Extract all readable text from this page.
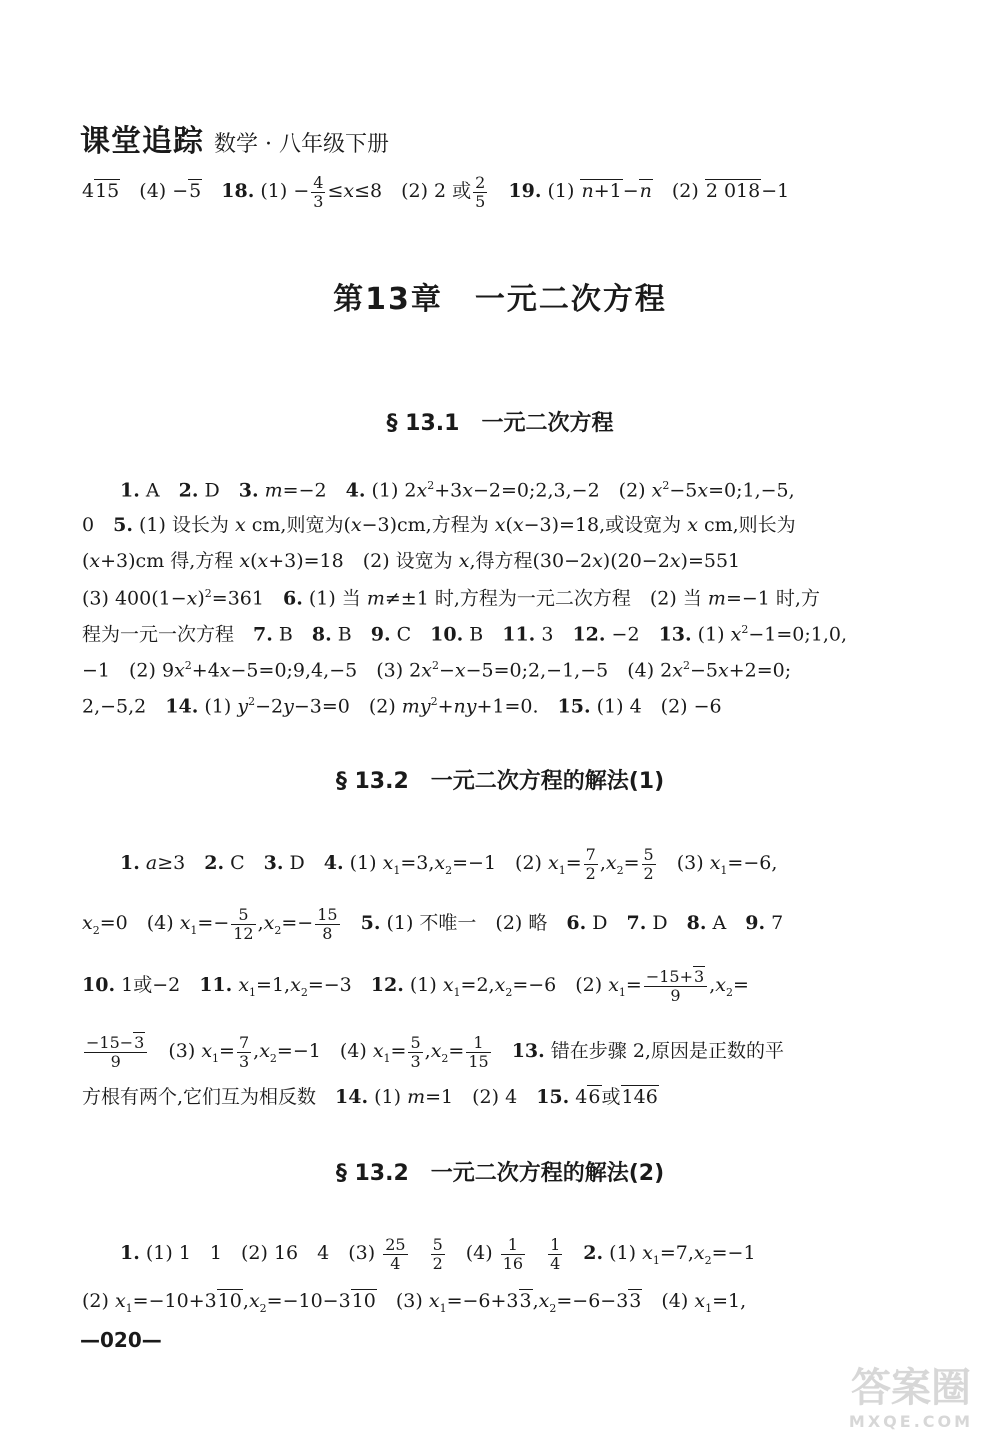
课堂追踪 数学 · 八年级下册
415　(4) −5　 18. $(1) - \frac{4}{3} \le x\le 8$　(2) 2 或 $\frac{2}{5}$
　 19. (1) n+1−n　(2) 2 018−1
第13章　一元二次方程
§ 13.1　一元二次方程
1. A　2. D　3. m=−2　4. (1) $2x^2+3x-2=0;2,3,-2$　(2) $x^2-5x=0;1,-5$,
0　5. (1) 设长为 x cm,则宽为(x−3)cm,方程为 x(x−3)=18,或设宽为 x cm,则长为
(x+3)cm 得,方程 x(x+3)=18　(2) 设宽为 x,得方程(30−2x)(20−2x)=551
(3) $400(1-x)^2=361$　6. (1) 当 m≠±1 时,方程为一元二次方程　(2) 当 m=−1 时,方
程为一元一次方程　7. B　8. B　9. C　10. B　11. 3　12. −2　13. (1) $x^2-1=0;1,0$,
−1　(2) $9x^2+4x-5=0;9,4,-5$　(3) $2x^2-x-5=0;2,-1,-5$　(4) $2x^2-5x+2=0$;
2,−5,2　14. (1) $y^2-2y-3=0$　(2) $my^2+ny+1=0$.　15. (1) 4　(2) −6
§ 13.2　一元二次方程的解法(1)
1. a≥3　2. C　3. D　4. (1) $x_1=3,x_2=-1$　(2) $x_1= \frac{7}{2} ,x_2= \frac{5}{2}$ 　(3) $x_1=-6$,
$x_2=0$　(4) $x_1=- \frac{5}{12} ,x_2=- \frac{15}{8}$
　 5. (1) 不唯一　(2) 略　6. D　7. D　8. A　9. 7
10. 1或−2　11. $x_1=1,x_2=-3$　12. (1) $x_1=2,x_2=-6$　(2) $x_1= \frac{-15+3}{9} ,x_2=$
$\frac{-15-3}{9}$ 　(3) $x_1= \frac{7}{3} ,x_2=-1$　(4) $x_1= \frac{5}{3} ,x_2= \frac{1}{15}$
　 13. 错在步骤 2,原因是正数的平
方根有两个,它们互为相反数　14. (1) m=1　(2) 4　15. 46或146
§ 13.2　一元二次方程的解法(2)
1. (1) 1　1　(2) 16　4　$(3) \frac{25}{4}$
　 $\frac{5}{2}$ 　$(4) \frac{1}{16}$
　 $\frac{1}{4}$
　 2. (1) $x_1=7,x_2=-1$
(2) $x_1=-10+310,x_2=-10-310$　(3) $x_1=-6+33,x_2=-6-33$　(4) $x_1=1$,
—020—
答案圈
MXQE.COM
